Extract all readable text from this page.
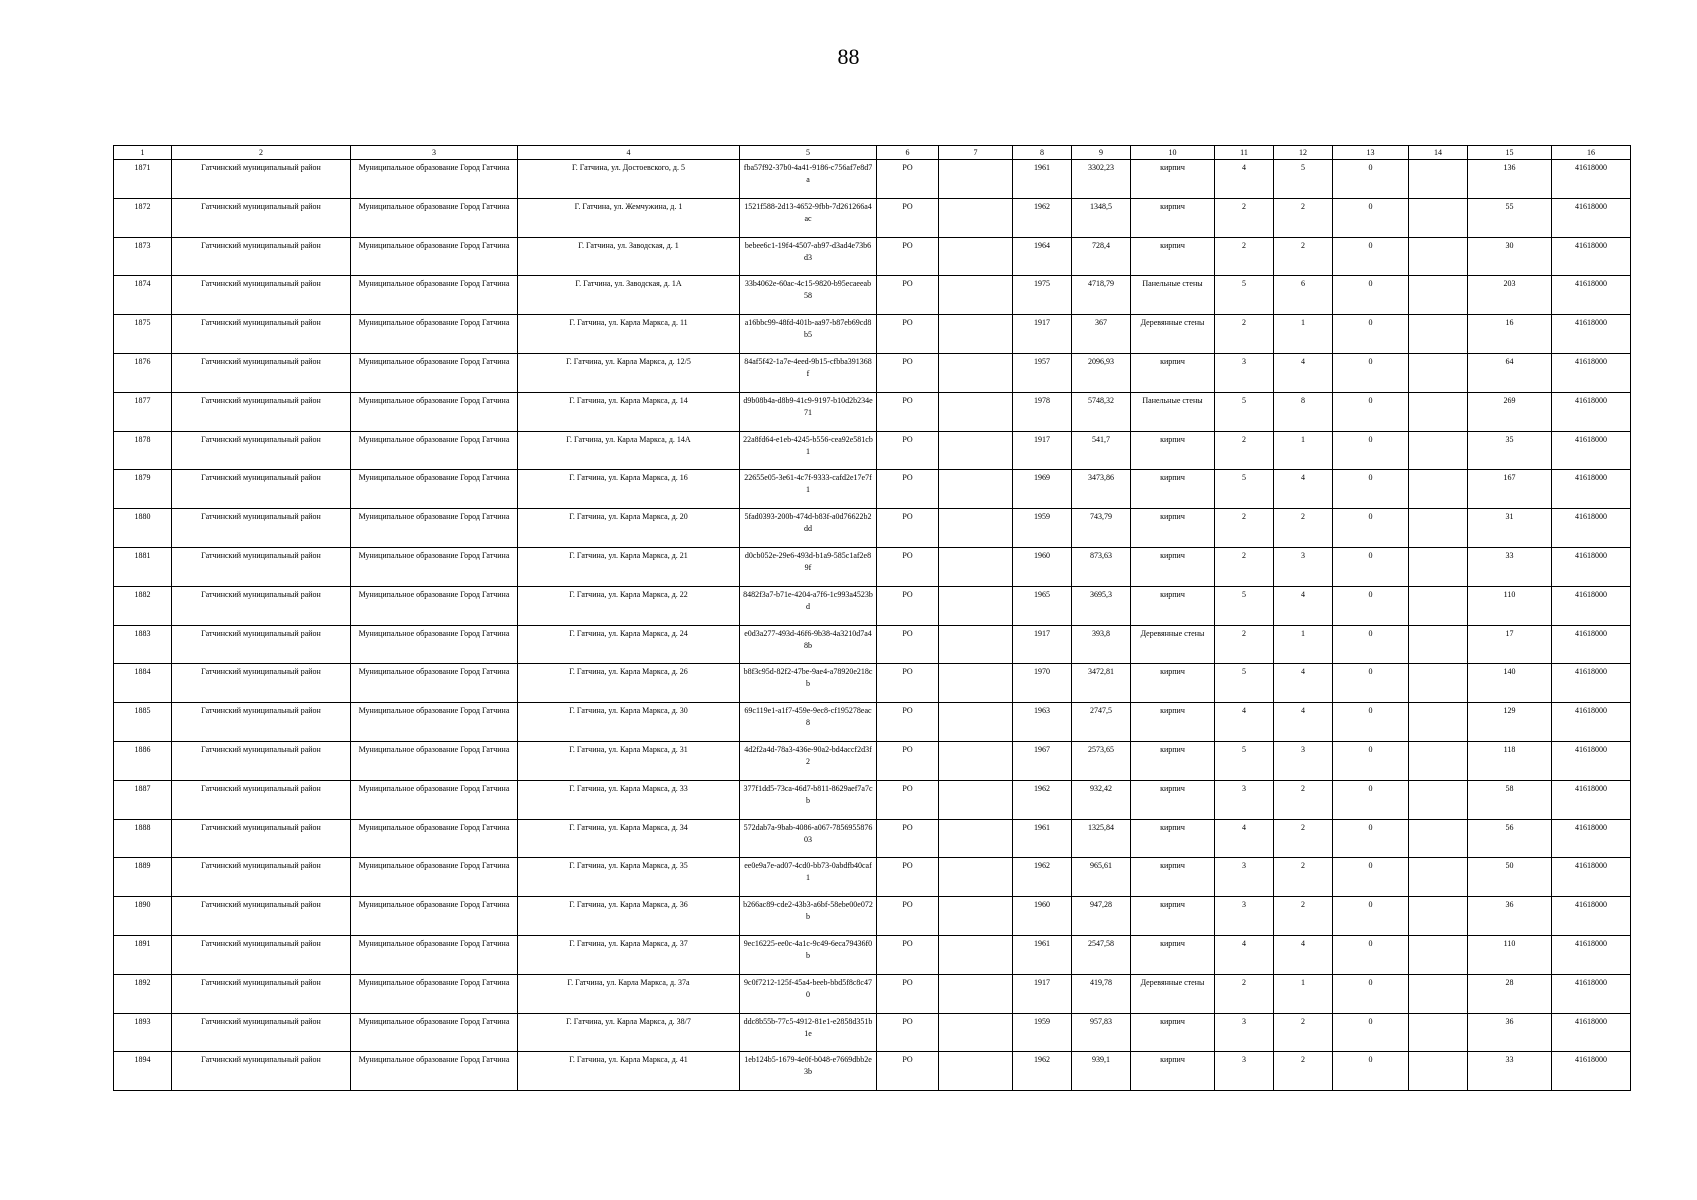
88
1	2	3	4	5	6	7	8	9	10	11	12	13	14	15	16
1871	Гатчинский муниципальный район	Муниципальное образование Город Гатчина	Г. Гатчина, ул. Достоевского, д. 5	fba57f92-37b0-4a41-9186-c756af7e8d7a	РО		1961	3302,23	кирпич	4	5	0		136	41618000
1872	Гатчинский муниципальный район	Муниципальное образование Город Гатчина	Г. Гатчина, ул. Жемчужина, д. 1	1521f588-2d13-4652-9fbb-7d261266a4ac	РО		1962	1348,5	кирпич	2	2	0		55	41618000
1873	Гатчинский муниципальный район	Муниципальное образование Город Гатчина	Г. Гатчина, ул. Заводская, д. 1	bebee6c1-19f4-4507-ab97-d3ad4e73b6d3	РО		1964	728,4	кирпич	2	2	0		30	41618000
1874	Гатчинский муниципальный район	Муниципальное образование Город Гатчина	Г. Гатчина, ул. Заводская, д. 1А	33b4062e-60ac-4c15-9820-b95ecaeeab58	РО		1975	4718,79	Панельные стены	5	6	0		203	41618000
1875	Гатчинский муниципальный район	Муниципальное образование Город Гатчина	Г. Гатчина, ул. Карла Маркса, д. 11	a16bbc99-48fd-401b-aa97-b87eb69cd8b5	РО		1917	367	Деревянные стены	2	1	0		16	41618000
1876	Гатчинский муниципальный район	Муниципальное образование Город Гатчина	Г. Гатчина, ул. Карла Маркса, д. 12/5	84af5f42-1a7e-4eed-9b15-cfbba391368f	РО		1957	2096,93	кирпич	3	4	0		64	41618000
1877	Гатчинский муниципальный район	Муниципальное образование Город Гатчина	Г. Гатчина, ул. Карла Маркса, д. 14	d9b08b4a-d8b9-41c9-9197-b10d2b234e71	РО		1978	5748,32	Панельные стены	5	8	0		269	41618000
1878	Гатчинский муниципальный район	Муниципальное образование Город Гатчина	Г. Гатчина, ул. Карла Маркса, д. 14А	22a8fd64-e1eb-4245-b556-cea92e581cb1	РО		1917	541,7	кирпич	2	1	0		35	41618000
1879	Гатчинский муниципальный район	Муниципальное образование Город Гатчина	Г. Гатчина, ул. Карла Маркса, д. 16	22655e05-3e61-4c7f-9333-cafd2e17e7f1	РО		1969	3473,86	кирпич	5	4	0		167	41618000
1880	Гатчинский муниципальный район	Муниципальное образование Город Гатчина	Г. Гатчина, ул. Карла Маркса, д. 20	5fad0393-200b-474d-b83f-a0d76622b2dd	РО		1959	743,79	кирпич	2	2	0		31	41618000
1881	Гатчинский муниципальный район	Муниципальное образование Город Гатчина	Г. Гатчина, ул. Карла Маркса, д. 21	d0cb052e-29e6-493d-b1a9-585c1af2e89f	РО		1960	873,63	кирпич	2	3	0		33	41618000
1882	Гатчинский муниципальный район	Муниципальное образование Город Гатчина	Г. Гатчина, ул. Карла Маркса, д. 22	8482f3a7-b71e-4204-a7f6-1c993a4523bd	РО		1965	3695,3	кирпич	5	4	0		110	41618000
1883	Гатчинский муниципальный район	Муниципальное образование Город Гатчина	Г. Гатчина, ул. Карла Маркса, д. 24	e0d3a277-493d-46f6-9b38-4a3210d7a48b	РО		1917	393,8	Деревянные стены	2	1	0		17	41618000
1884	Гатчинский муниципальный район	Муниципальное образование Город Гатчина	Г. Гатчина, ул. Карла Маркса, д. 26	b8f3c95d-82f2-47be-9ae4-a78920e218cb	РО		1970	3472,81	кирпич	5	4	0		140	41618000
1885	Гатчинский муниципальный район	Муниципальное образование Город Гатчина	Г. Гатчина, ул. Карла Маркса, д. 30	69c119e1-a1f7-459e-9ec8-cf195278eac8	РО		1963	2747,5	кирпич	4	4	0		129	41618000
1886	Гатчинский муниципальный район	Муниципальное образование Город Гатчина	Г. Гатчина, ул. Карла Маркса, д. 31	4d2f2a4d-78a3-436e-90a2-bd4accf2d3f2	РО		1967	2573,65	кирпич	5	3	0		118	41618000
1887	Гатчинский муниципальный район	Муниципальное образование Город Гатчина	Г. Гатчина, ул. Карла Маркса, д. 33	377f1dd5-73ca-46d7-b811-8629aef7a7cb	РО		1962	932,42	кирпич	3	2	0		58	41618000
1888	Гатчинский муниципальный район	Муниципальное образование Город Гатчина	Г. Гатчина, ул. Карла Маркса, д. 34	572dab7a-9bab-4086-a067-785695587603	РО		1961	1325,84	кирпич	4	2	0		56	41618000
1889	Гатчинский муниципальный район	Муниципальное образование Город Гатчина	Г. Гатчина, ул. Карла Маркса, д. 35	ee0e9a7e-ad07-4cd0-bb73-0abdfb40caf1	РО		1962	965,61	кирпич	3	2	0		50	41618000
1890	Гатчинский муниципальный район	Муниципальное образование Город Гатчина	Г. Гатчина, ул. Карла Маркса, д. 36	b266ac89-cde2-43b3-a6bf-58ebe00e072b	РО		1960	947,28	кирпич	3	2	0		36	41618000
1891	Гатчинский муниципальный район	Муниципальное образование Город Гатчина	Г. Гатчина, ул. Карла Маркса, д. 37	9ec16225-ee0c-4a1c-9c49-6eca79436f0b	РО		1961	2547,58	кирпич	4	4	0		110	41618000
1892	Гатчинский муниципальный район	Муниципальное образование Город Гатчина	Г. Гатчина, ул. Карла Маркса, д. 37а	9c0f7212-125f-45a4-beeb-bbd5f8c8c470	РО		1917	419,78	Деревянные стены	2	1	0		28	41618000
1893	Гатчинский муниципальный район	Муниципальное образование Город Гатчина	Г. Гатчина, ул. Карла Маркса, д. 38/7	ddc8b55b-77c5-4912-81e1-e2858d351b1e	РО		1959	957,83	кирпич	3	2	0		36	41618000
1894	Гатчинский муниципальный район	Муниципальное образование Город Гатчина	Г. Гатчина, ул. Карла Маркса, д. 41	1eb124b5-1679-4e0f-b048-e7669dbb2e3b	РО		1962	939,1	кирпич	3	2	0		33	41618000
